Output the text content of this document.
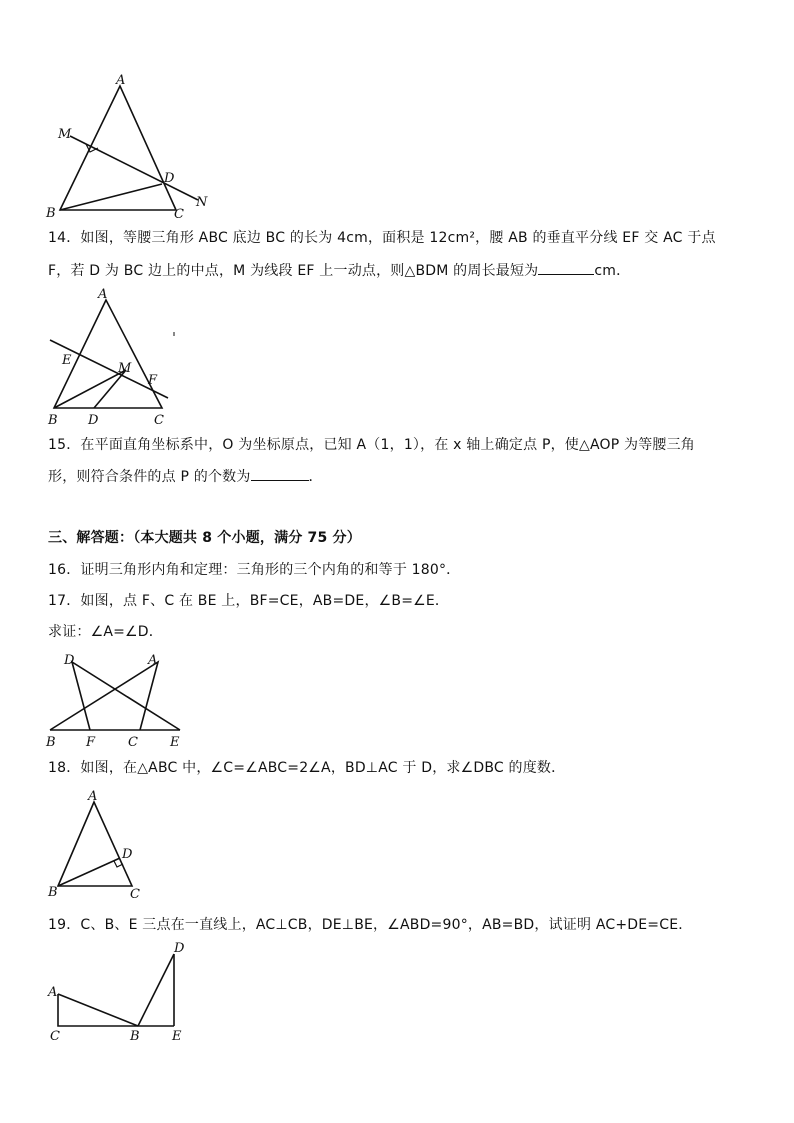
A
M
D
N
B	C
14．如图，等腰三角形 ABC 底边 BC 的长为 4cm，面积是 12cm²，腰 AB 的垂直平分线 EF 交 AC 于点
F，若 D 为 BC 边上的中点，M 为线段 EF 上一动点，则△BDM 的周长最短为	cm．
A
E
M
F
B D	C
15．在平面直角坐标系中，O 为坐标原点，已知 A（1，1），在 x 轴上确定点 P，使△AOP 为等腰三角
形，则符合条件的点 P 的个数为	．
三、解答题：（本大题共 8 个小题，满分 75 分）
16．证明三角形内角和定理：三角形的三个内角的和等于 180°．
17．如图，点 F、C 在 BE 上，BF=CE，AB=DE，∠B=∠E．
求证：∠A=∠D．
D	A
B F	C E
18．如图，在△ABC 中，∠C=∠ABC=2∠A，BD⊥AC 于 D，求∠DBC 的度数．
A
D
B	C
19．C、B、E 三点在一直线上，AC⊥CB，DE⊥BE，∠ABD=90°，AB=BD，试证明 AC+DE=CE．
D
A
C	B E
